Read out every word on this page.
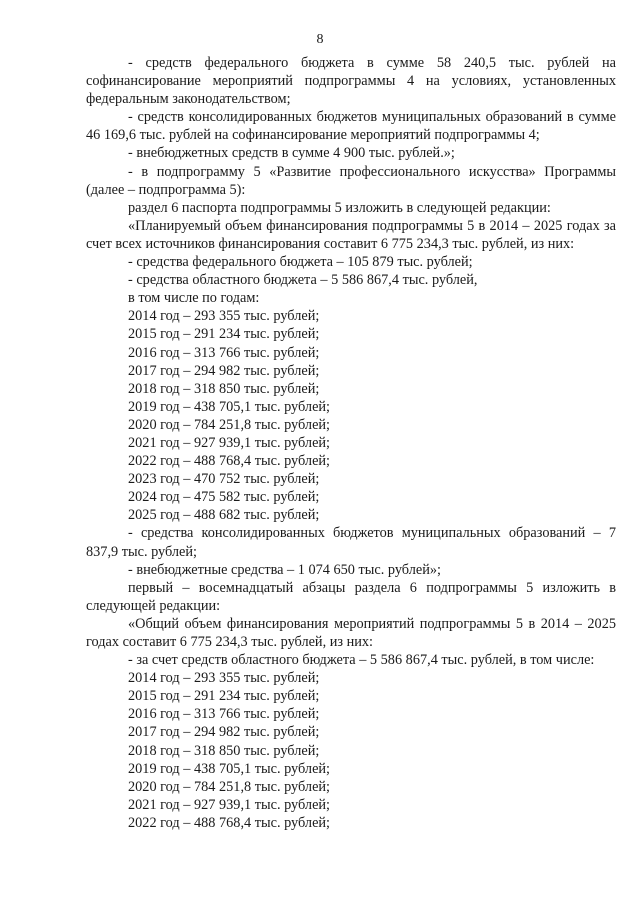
8

- средств федерального бюджета в сумме 58 240,5 тыс. рублей на софинансирование мероприятий подпрограммы 4 на условиях, установленных федеральным законодательством;

- средств консолидированных бюджетов муниципальных образований в сумме 46 169,6 тыс. рублей на софинансирование мероприятий подпрограммы 4;

- внебюджетных средств в сумме 4 900 тыс. рублей.»;

- в подпрограмму 5 «Развитие профессионального искусства» Программы (далее – подпрограмма 5):

раздел 6 паспорта подпрограммы 5 изложить в следующей редакции:

«Планируемый объем финансирования подпрограммы 5 в 2014 – 2025 годах за счет всех источников финансирования составит 6 775 234,3 тыс. рублей, из них:

- средства федерального бюджета – 105 879 тыс. рублей;

- средства областного бюджета – 5 586 867,4 тыс. рублей,

в том числе по годам:

2014 год – 293 355 тыс. рублей;

2015 год – 291 234 тыс. рублей;

2016 год – 313 766 тыс. рублей;

2017 год – 294 982 тыс. рублей;

2018 год – 318 850 тыс. рублей;

2019 год – 438 705,1 тыс. рублей;

2020 год – 784 251,8 тыс. рублей;

2021 год – 927 939,1 тыс. рублей;

2022 год – 488 768,4 тыс. рублей;

2023 год – 470 752 тыс. рублей;

2024 год – 475 582 тыс. рублей;

2025 год – 488 682 тыс. рублей;

- средства консолидированных бюджетов муниципальных образований – 7 837,9 тыс. рублей;

- внебюджетные средства – 1 074 650 тыс. рублей»;

первый – восемнадцатый абзацы раздела 6 подпрограммы 5 изложить в следующей редакции:

«Общий объем финансирования мероприятий подпрограммы 5 в 2014 – 2025 годах составит 6 775 234,3 тыс. рублей, из них:

- за счет средств областного бюджета – 5 586 867,4 тыс. рублей, в том числе:

2014 год – 293 355 тыс. рублей;

2015 год – 291 234 тыс. рублей;

2016 год – 313 766 тыс. рублей;

2017 год – 294 982 тыс. рублей;

2018 год – 318 850 тыс. рублей;

2019 год – 438 705,1 тыс. рублей;

2020 год – 784 251,8 тыс. рублей;

2021 год – 927 939,1 тыс. рублей;

2022 год – 488 768,4 тыс. рублей;
